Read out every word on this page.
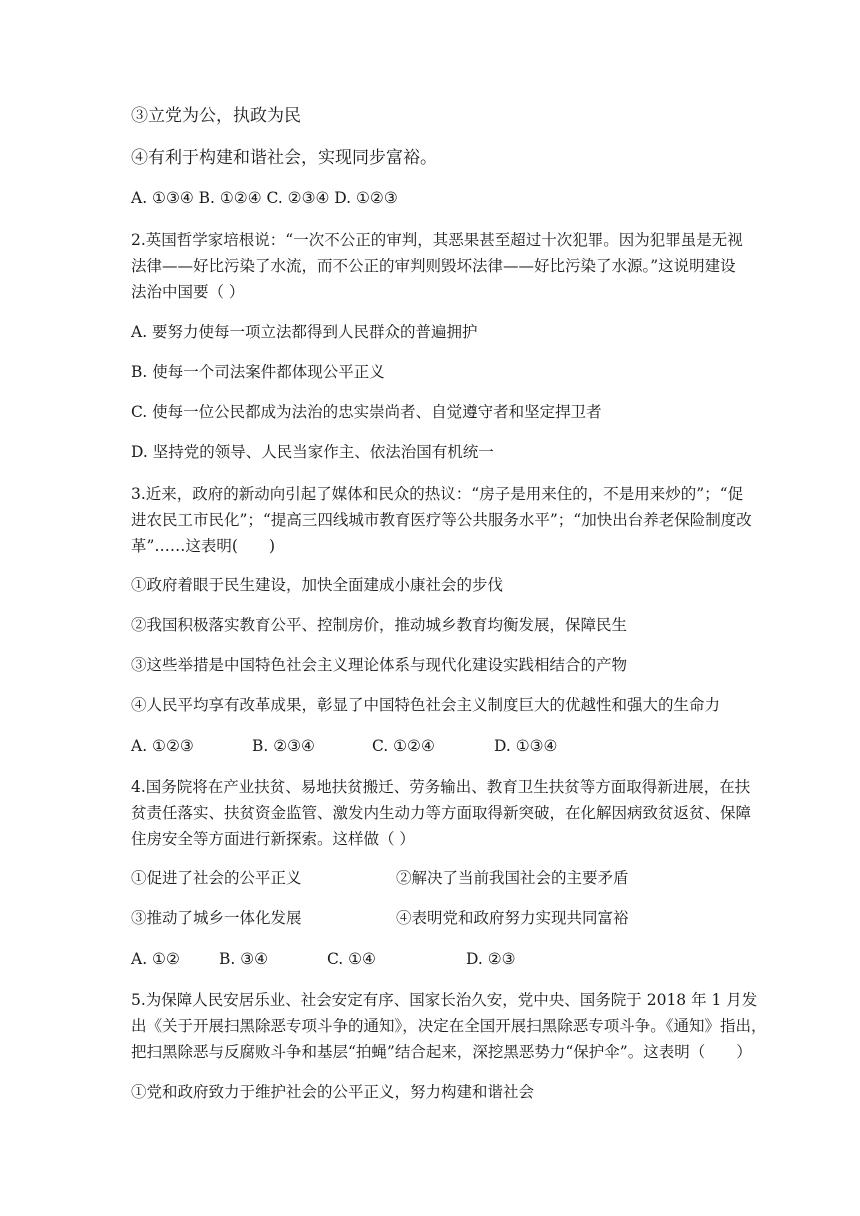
③立党为公，执政为民
④有利于构建和谐社会，实现同步富裕。
A. ①③④ B. ①②④ C. ②③④ D. ①②③
2.英国哲学家培根说：“一次不公正的审判，其恶果甚至超过十次犯罪。因为犯罪虽是无视
法律——好比污染了水流，而不公正的审判则毁坏法律——好比污染了水源。”这说明建设
法治中国要（ ）
A. 要努力使每一项立法都得到人民群众的普遍拥护
B. 使每一个司法案件都体现公平正义
C. 使每一位公民都成为法治的忠实崇尚者、自觉遵守者和坚定捍卫者
D. 坚持党的领导、人民当家作主、依法治国有机统一
3.近来，政府的新动向引起了媒体和民众的热议：“房子是用来住的，不是用来炒的”；“促
进农民工市民化”；“提高三四线城市教育医疗等公共服务水平”；“加快出台养老保险制度改
革”……这表明(　　)
①政府着眼于民生建设，加快全面建成小康社会的步伐
②我国积极落实教育公平、控制房价，推动城乡教育均衡发展，保障民生
③这些举措是中国特色社会主义理论体系与现代化建设实践相结合的产物
④人民平均享有改革成果，彰显了中国特色社会主义制度巨大的优越性和强大的生命力
A. ①②③	B. ②③④	C. ①②④	D. ①③④
4.国务院将在产业扶贫、易地扶贫搬迁、劳务输出、教育卫生扶贫等方面取得新进展，在扶
贫责任落实、扶贫资金监管、激发内生动力等方面取得新突破，在化解因病致贫返贫、保障
住房安全等方面进行新探索。这样做（ ）
①促进了社会的公平正义	②解决了当前我国社会的主要矛盾
③推动了城乡一体化发展	④表明党和政府努力实现共同富裕
A. ①②	B. ③④	C. ①④	D. ②③
5.为保障人民安居乐业、社会安定有序、国家长治久安，党中央、国务院于 2018 年 1 月发
出《关于开展扫黑除恶专项斗争的通知》，决定在全国开展扫黑除恶专项斗争。《通知》指出，
把扫黑除恶与反腐败斗争和基层“拍蝇”结合起来，深挖黑恶势力“保护伞”。这表明（　　）
①党和政府致力于维护社会的公平正义，努力构建和谐社会
